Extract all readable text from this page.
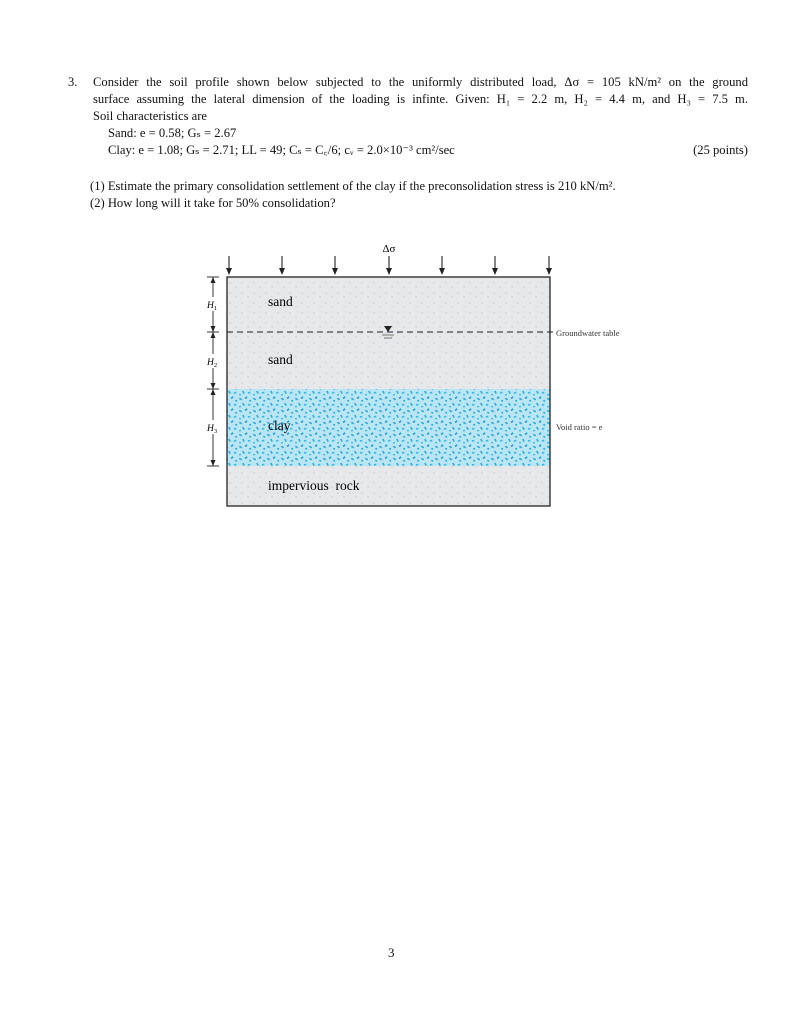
3. Consider the soil profile shown below subjected to the uniformly distributed load, Δσ = 105 kN/m² on the ground
surface assuming the lateral dimension of the loading is infinte. Given: H₁ = 2.2 m, H₂ = 4.4 m, and H₃ = 7.5 m.
Soil characteristics are
Sand: e = 0.58; Gₛ = 2.67
Clay: e = 1.08; Gₛ = 2.71; LL = 49; Cₛ = C꜀/6; cᵥ = 2.0×10⁻³ cm²/sec	(25 points)
(1) Estimate the primary consolidation settlement of the clay if the preconsolidation stress is 210 kN/m².
(2) How long will it take for 50% consolidation?
Δσ
sand
sand
clay
impervious  rock
Groundwater table
Void ratio = e
$H_1$
$H_2$
$H_3$
3
